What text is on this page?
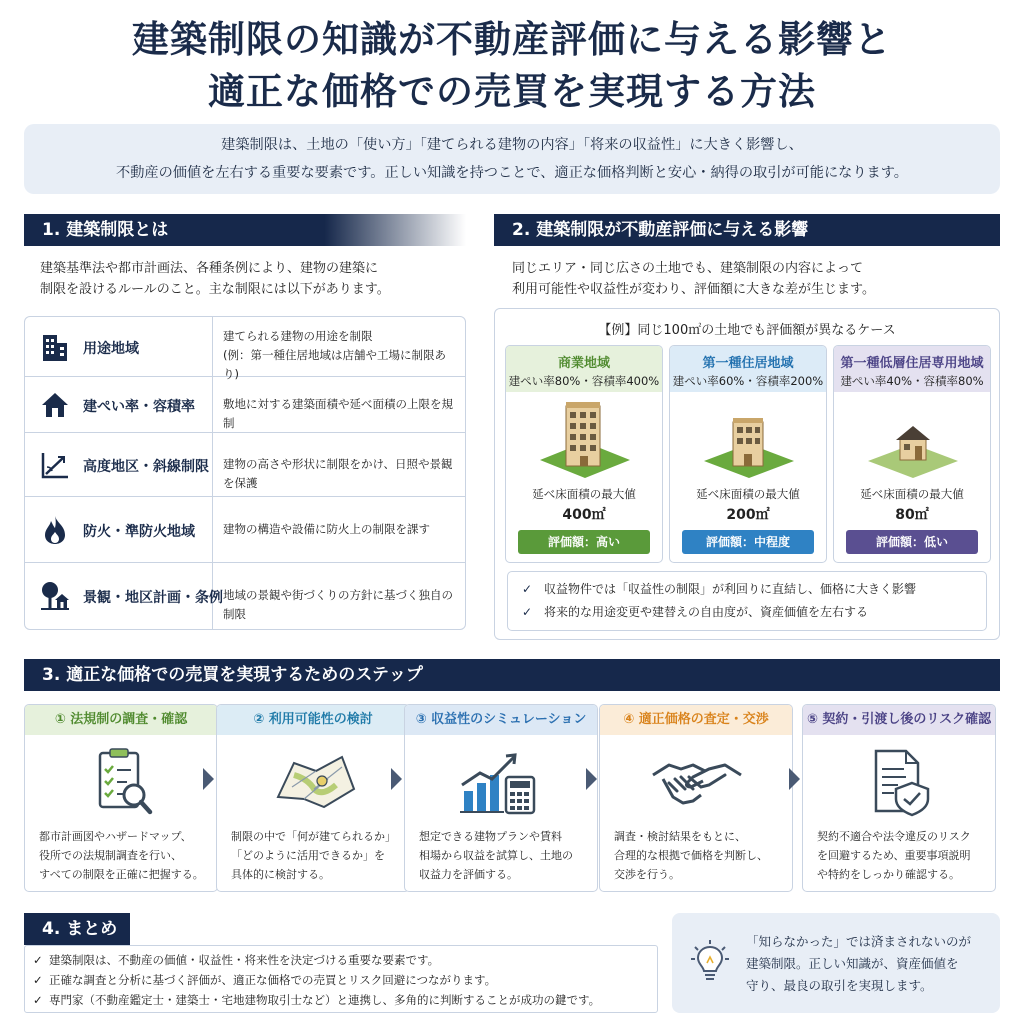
建築制限の知識が不動産評価に与える影響と
適正な価格での売買を実現する方法
建築制限は、土地の「使い方」「建てられる建物の内容」「将来の収益性」に大きく影響し、
不動産の価値を左右する重要な要素です。正しい知識を持つことで、適正な価格判断と安心・納得の取引が可能になります。
1. 建築制限とは
建築基準法や都市計画法、各種条例により、建物の建築に
制限を設けるルールのこと。主な制限には以下があります。
用途地域
建てられる建物の用途を制限
(例：第一種住居地域は店舗や工場に制限あり)
建ぺい率・容積率 敷地に対する建築面積や延べ面積の上限を規制
高度地区・斜線制限 建物の高さや形状に制限をかけ、日照や景観を保護
防火・準防火地域 建物の構造や設備に防火上の制限を課す
景観・地区計画・条例 地域の景観や街づくりの方針に基づく独自の制限
2. 建築制限が不動産評価に与える影響
同じエリア・同じ広さの土地でも、建築制限の内容によって
利用可能性や収益性が変わり、評価額に大きな差が生じます。
【例】同じ100㎡の土地でも評価額が異なるケース
商業地域
建ぺい率80%・容積率400%
延べ床面積の最大値
400㎡
評価額：高い
第一種住居地域
建ぺい率60%・容積率200%
延べ床面積の最大値
200㎡
評価額：中程度
第一種低層住居専用地域
建ぺい率40%・容積率80%
延べ床面積の最大値
80㎡
評価額：低い
✓ 収益物件では「収益性の制限」が利回りに直結し、価格に大きく影響
✓ 将来的な用途変更や建替えの自由度が、資産価値を左右する
3. 適正な価格での売買を実現するためのステップ
① 法規制の調査・確認
都市計画図やハザードマップ、
役所での法規制調査を行い、
すべての制限を正確に把握する。
② 利用可能性の検討
制限の中で「何が建てられるか」
「どのように活用できるか」を
具体的に検討する。
③ 収益性のシミュレーション
想定できる建物プランや賃料
相場から収益を試算し、土地の
収益力を評価する。
④ 適正価格の査定・交渉
調査・検討結果をもとに、
合理的な根拠で価格を判断し、
交渉を行う。
⑤ 契約・引渡し後のリスク確認
契約不適合や法令違反のリスク
を回避するため、重要事項説明
や特約をしっかり確認する。
4. まとめ
✓ 建築制限は、不動産の価値・収益性・将来性を決定づける重要な要素です。
✓ 正確な調査と分析に基づく評価が、適正な価格での売買とリスク回避につながります。
✓ 専門家（不動産鑑定士・建築士・宅地建物取引士など）と連携し、多角的に判断することが成功の鍵です。
「知らなかった」では済まされないのが
建築制限。正しい知識が、資産価値を
守り、最良の取引を実現します。
